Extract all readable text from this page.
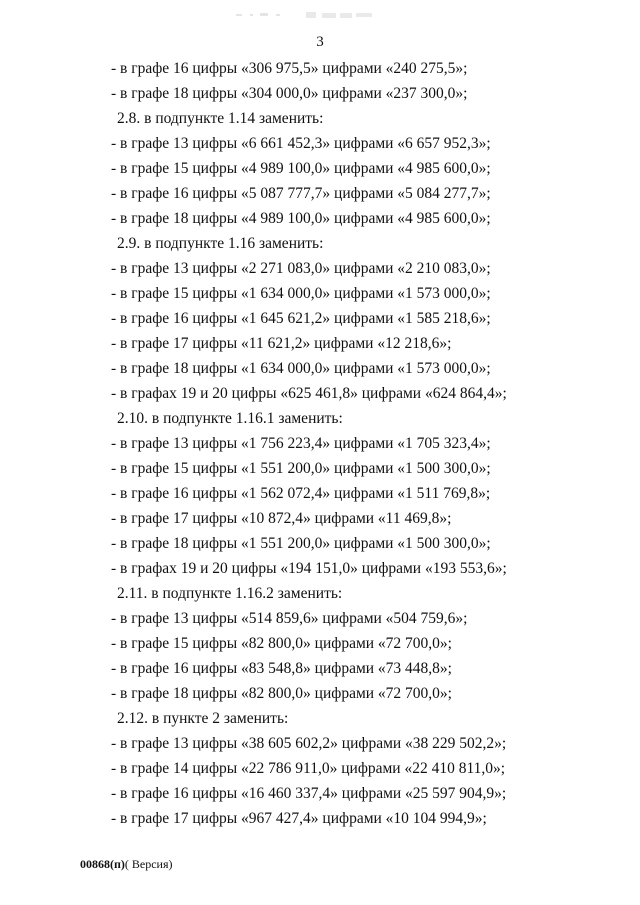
3
- в графе 16 цифры «306 975,5» цифрами «240 275,5»;
- в графе 18 цифры «304 000,0» цифрами «237 300,0»;
2.8. в подпункте 1.14 заменить:
- в графе 13 цифры «6 661 452,3» цифрами «6 657 952,3»;
- в графе 15 цифры «4 989 100,0» цифрами «4 985 600,0»;
- в графе 16 цифры «5 087 777,7» цифрами «5 084 277,7»;
- в графе 18 цифры «4 989 100,0» цифрами «4 985 600,0»;
2.9. в подпункте 1.16 заменить:
- в графе 13 цифры «2 271 083,0» цифрами «2 210 083,0»;
- в графе 15 цифры «1 634 000,0» цифрами «1 573 000,0»;
- в графе 16 цифры «1 645 621,2» цифрами «1 585 218,6»;
- в графе 17 цифры «11 621,2» цифрами «12 218,6»;
- в графе 18 цифры «1 634 000,0» цифрами «1 573 000,0»;
- в графах 19 и 20 цифры «625 461,8» цифрами «624 864,4»;
2.10. в подпункте 1.16.1 заменить:
- в графе 13 цифры «1 756 223,4» цифрами «1 705 323,4»;
- в графе 15 цифры «1 551 200,0» цифрами «1 500 300,0»;
- в графе 16 цифры «1 562 072,4» цифрами «1 511 769,8»;
- в графе 17 цифры «10 872,4» цифрами «11 469,8»;
- в графе 18 цифры «1 551 200,0» цифрами «1 500 300,0»;
- в графах 19 и 20 цифры «194 151,0» цифрами «193 553,6»;
2.11. в подпункте 1.16.2 заменить:
- в графе 13 цифры «514 859,6» цифрами «504 759,6»;
- в графе 15 цифры «82 800,0» цифрами «72 700,0»;
- в графе 16 цифры «83 548,8» цифрами «73 448,8»;
- в графе 18 цифры «82 800,0» цифрами «72 700,0»;
2.12. в пункте 2 заменить:
- в графе 13 цифры «38 605 602,2» цифрами «38 229 502,2»;
- в графе 14 цифры «22 786 911,0» цифрами «22 410 811,0»;
- в графе 16 цифры «16 460 337,4» цифрами «25 597 904,9»;
- в графе 17 цифры «967 427,4» цифрами «10 104 994,9»;
00868(п)( Версия)
